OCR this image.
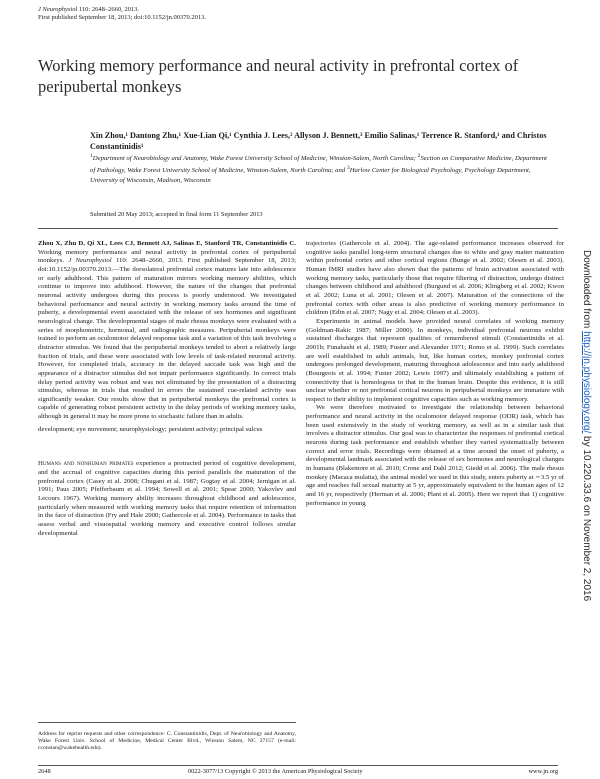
J Neurophysiol 110: 2648–2660, 2013.
First published September 18, 2013; doi:10.1152/jn.00370.2013.
Working memory performance and neural activity in prefrontal cortex of peripubertal monkeys
Xin Zhou,¹ Dantong Zhu,¹ Xue-Lian Qi,¹ Cynthia J. Lees,² Allyson J. Bennett,³ Emilio Salinas,¹ Terrence R. Stanford,¹ and Christos Constantinidis¹
$^1$Department of Neurobiology and Anatomy, Wake Forest University School of Medicine, Winston-Salem, North Carolina; $^2$Section on Comparative Medicine, Department of Pathology, Wake Forest University School of Medicine, Winston-Salem, North Carolina; and $^3$Harlow Center for Biological Psychology, Psychology Department, University of Wisconsin, Madison, Wisconsin
Submitted 20 May 2013; accepted in final form 11 September 2013

Zhou X, Zhu D, Qi XL, Lees CJ, Bennett AJ, Salinas E, Stanford TR, Constantinidis C. Working memory performance and neural activity in prefrontal cortex of peripubertal monkeys. J Neurophysiol 110: 2648–2660, 2013. First published September 18, 2013; doi:10.1152/jn.00370.2013.—The dorsolateral prefrontal cortex matures late into adolescence or early adulthood. This pattern of maturation mirrors working memory abilities, which continue to improve into adulthood. However, the nature of the changes that prefrontal neuronal activity undergoes during this process is poorly understood. We investigated behavioral performance and neural activity in working memory tasks around the time of puberty, a developmental event associated with the release of sex hormones and significant neurological change. The developmental stages of male rhesus monkeys were evaluated with a series of morphometric, hormonal, and radiographic measures. Peripubertal monkeys were trained to perform an oculomotor delayed response task and a variation of this task involving a distractor stimulus. We found that the peripubertal monkeys tended to abort a relatively large fraction of trials, and these were associated with low levels of task-related neuronal activity. However, for completed trials, accuracy in the delayed saccade task was high and the appearance of a distractor stimulus did not impair performance significantly. In correct trials delay period activity was robust and was not eliminated by the presentation of a distracting stimulus, whereas in trials that resulted in errors the sustained cue-related activity was significantly weaker. Our results show that in peripubertal monkeys the prefrontal cortex is capable of generating robust persistent activity in the delay periods of working memory tasks, although in general it may be more prone to stochastic failure than in adults.

development; eye movement; neurophysiology; persistent activity; principal sulcus

Humans and nonhuman primates experience a protracted period of cognitive development, and the accrual of cognitive capacities during this period parallels the maturation of the prefrontal cortex (Casey et al. 2008; Chugani et al. 1987; Gogtay et al. 2004; Jernigan et al. 1991; Paus 2005; Pfefferbaum et al. 1994; Sowell et al. 2001; Spear 2000; Yakovlev and Lecours 1967). Working memory ability increases throughout childhood and adolescence, particularly when measured with working memory tasks that require retention of information in the face of distraction (Fry and Hale 2000; Gathercole et al. 2004). Performance in tasks that assess verbal and visuospatial working memory and executive control follows similar developmental

Address for reprint requests and other correspondence: C. Constantinidis, Dept. of Neurobiology and Anatomy, Wake Forest Univ. School of Medicine, Medical Center Blvd., Winston Salem, NC 27157 (e-mail: cconstan@wakehealth.edu).

trajectories (Gathercole et al. 2004). The age-related performance increases observed for cognitive tasks parallel long-term structural changes due to white and gray matter maturation within prefrontal cortex and other cortical regions (Bunge et al. 2002; Olesen et al. 2003). Human fMRI studies have also shown that the patterns of brain activation associated with working memory tasks, particularly those that require filtering of distraction, undergo distinct changes between childhood and adulthood (Burgund et al. 2006; Klingberg et al. 2002; Kwon et al. 2002; Luna et al. 2001; Olesen et al. 2007). Maturation of the connections of the prefrontal cortex with other areas is also predictive of working memory performance in children (Edin et al. 2007; Nagy et al. 2004; Olesen et al. 2003).

Experiments in animal models have provided neural correlates of working memory (Goldman-Rakic 1987; Miller 2000). In monkeys, individual prefrontal neurons exhibit sustained discharges that represent qualities of remembered stimuli (Constantinidis et al. 2001b; Funahashi et al. 1989; Fuster and Alexander 1971; Romo et al. 1999). Such correlates are well established in adult animals, but, like human cortex, monkey prefrontal cortex undergoes prolonged development, maturing throughout adolescence and into early adulthood (Bourgeois et al. 1994; Fuster 2002; Lewis 1997) and ultimately establishing a pattern of connectivity that is homologous to that in the human brain. Despite this evidence, it is still unclear whether or not prefrontal cortical neurons in peripubertal monkeys are immature with respect to their ability to implement cognitive capacities such as working memory.

We were therefore motivated to investigate the relationship between behavioral performance and neural activity in the oculomotor delayed response (ODR) task, which has been used extensively in the study of working memory, as well as in a similar task that involves a distractor stimulus. Our goal was to characterize the responses of prefrontal cortical neurons during task performance and establish whether they varied systematically between correct and error trials. Recordings were obtained at a time around the onset of puberty, a developmental landmark associated with the release of sex hormones and neurological changes in humans (Blakemore et al. 2010; Crone and Dahl 2012; Giedd et al. 2006). The male rhesus monkey (Macaca mulatta), the animal model we used in this study, enters puberty at ∼3.5 yr of age and reaches full sexual maturity at 5 yr, approximately equivalent to the human ages of 12 and 16 yr, respectively (Herman et al. 2006; Plant et al. 2005). Here we report that 1) cognitive performance in young

2648	0022-3077/13 Copyright © 2013 the American Physiological Society	www.jn.org
Downloaded from http://jn.physiology.org/ by 10.220.33.6 on November 2, 2016
